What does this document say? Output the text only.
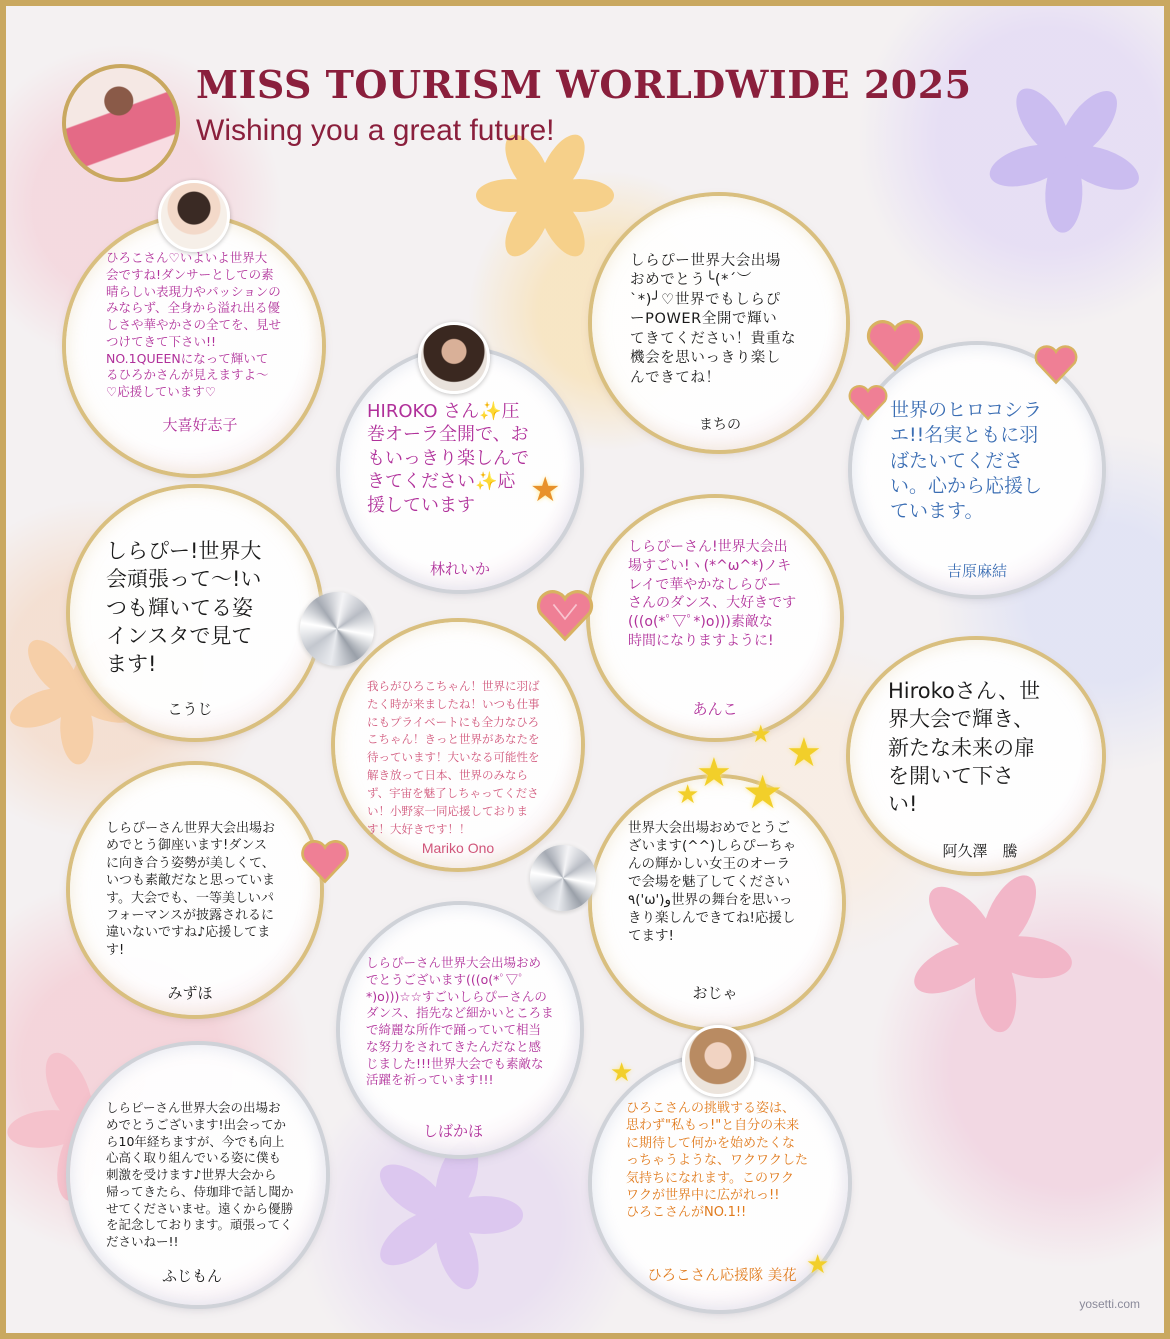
MISS TOURISM WORLDWIDE 2025

Wishing you a great future!

ひろこさん♡いよいよ世界大
会ですね!ダンサーとしての素
晴らしい表現力やパッションの
みならず、全身から溢れ出る優
しさや華やかさの全てを、見せ
つけてきて下さい!!
NO.1QUEENになって輝いて
るひろかさんが見えますよ〜
♡応援しています♡

大喜好志子

しらぴー世界大会出場
おめでとう╰(*´︶
`*)╯♡世界でもしらぴ
ーPOWER全開で輝い
てきてください！貴重な
機会を思いっきり楽し
んできてね！

まちの

HIROKO さん✨圧
巻オーラ全開で、お
もいっきり楽しんで
きてください✨応
援しています

林れいか

世界のヒロコシラ
エ!!名実ともに羽
ばたいてくださ
い。心から応援し
ています。

吉原麻結

しらぴー!世界大
会頑張って〜!い
つも輝いてる姿
インスタで見て
ます!

こうじ

しらぴーさん!世界大会出
場すごい!ヽ(*^ω^*)ノキ
レイで華やかなしらぴー
さんのダンス、大好きです
(((o(*ﾟ▽ﾟ*)o)))素敵な
時間になりますように!

あんこ

我らがひろこちゃん！世界に羽ば
たく時が来ましたね！いつも仕事
にもプライベートにも全力なひろ
こちゃん！きっと世界があなたを
待っています！大いなる可能性を
解き放って日本、世界のみなら
ず、宇宙を魅了しちゃってくださ
い！小野家一同応援しておりま
す！大好きです！！

Mariko Ono

Hirokoさん、世
界大会で輝き、
新たな未来の扉
を開いて下さ
い!

阿久澤　騰

しらぴーさん世界大会出場お
めでとう御座います!ダンス
に向き合う姿勢が美しくて、
いつも素敵だなと思っていま
す。大会でも、一等美しいパ
フォーマンスが披露されるに
違いないですね♪応援してま
す!

みずほ

世界大会出場おめでとうご
ざいます(^^)しらぴーちゃ
んの輝かしい女王のオーラ
で会場を魅了してください
٩('ω')و世界の舞台を思いっ
きり楽しんできてね!応援し
てます!

おじゃ

しらぴーさん世界大会出場おめ
でとうございます(((o(*ﾟ▽ﾟ
*)o)))☆☆すごいしらぴーさんの
ダンス、指先など細かいところま
で綺麗な所作で踊っていて相当
な努力をされてきたんだなと感
じました!!!世界大会でも素敵な
活躍を祈っています!!!

しばかほ

しらピーさん世界大会の出場お
めでとうございます!出会ってか
ら10年経ちますが、今でも向上
心高く取り組んでいる姿に僕も
刺激を受けます♪世界大会から
帰ってきたら、侍珈琲で話し聞か
せてくださいませ。遠くから優勝
を記念しております。頑張ってく
ださいねー!!

ふじもん

ひろこさんの挑戦する姿は、
思わず"私もっ!"と自分の未来
に期待して何かを始めたくな
っちゃうような、ワクワクした
気持ちになれます。このワク
ワクが世界中に広がれっ!!
ひろこさんがNO.1!!

ひろこさん応援隊 美花

★
★ ★
★
★
★
★
★

yosetti.com
